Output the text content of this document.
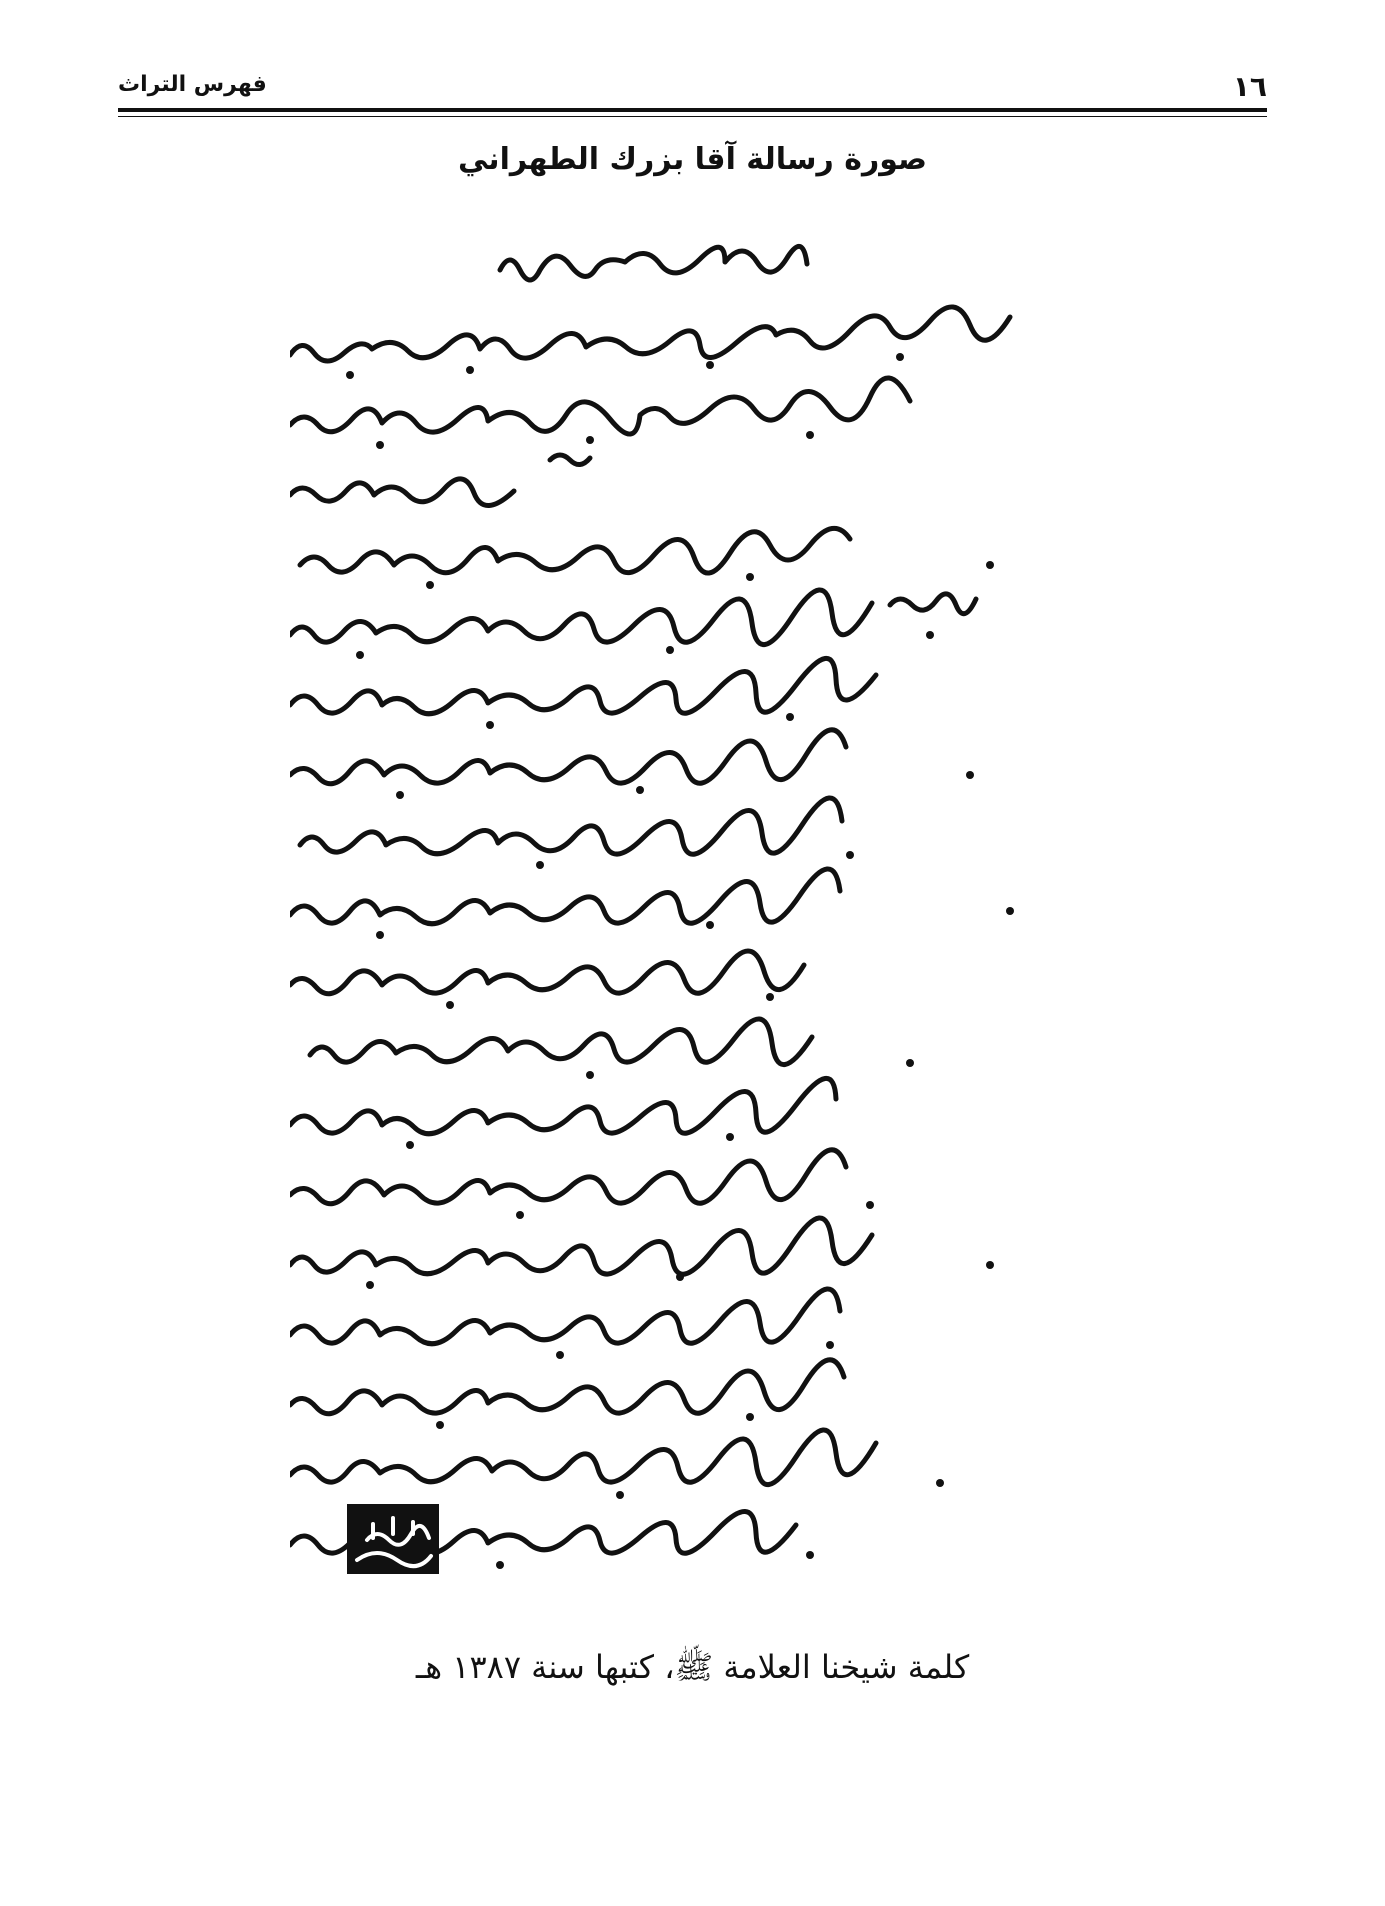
١٦
فهرس التراث
صورة رسالة آقا بزرك الطهراني
كلمة شيخنا العلامة ﷺ، كتبها سنة ١٣٨٧ هـ
